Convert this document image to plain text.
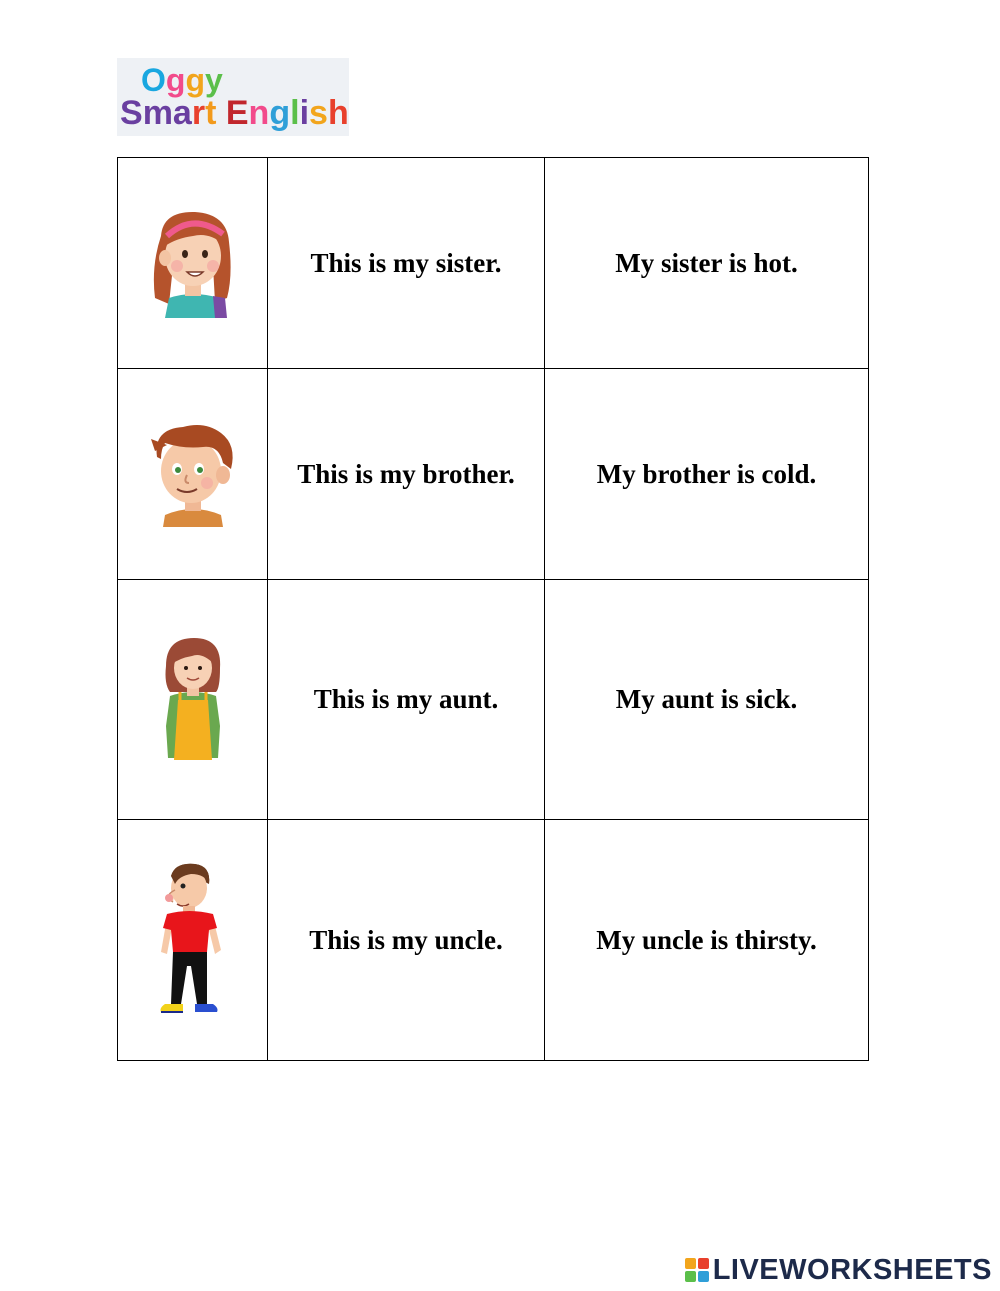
Oggy
Smart English
	This is my sister.	My sister is hot.

	This is my brother.	My brother is cold.

	This is my aunt.	My aunt is sick.

	This is my uncle.	My uncle is thirsty.
LIVEWORKSHEETS
